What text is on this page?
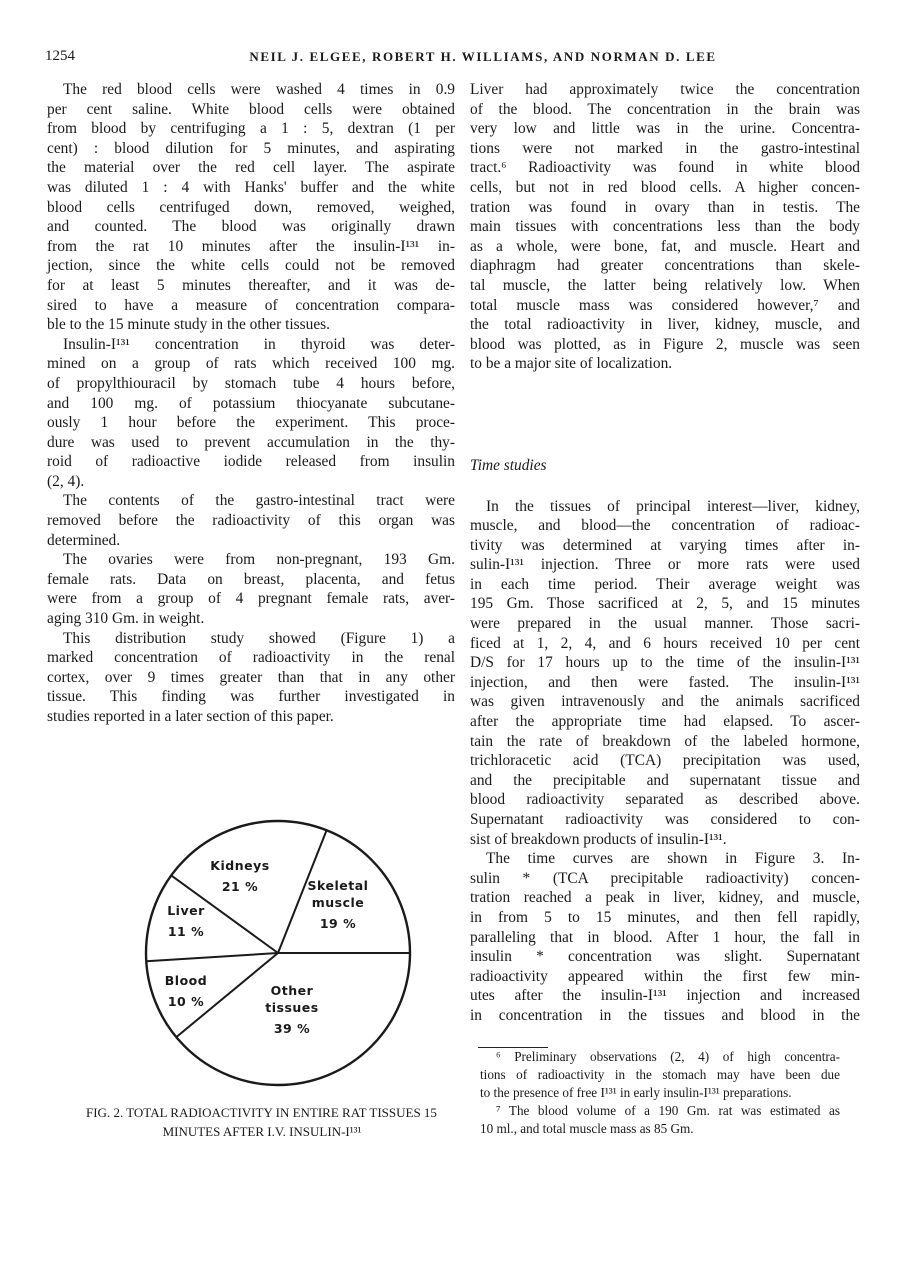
1254	NEIL J. ELGEE, ROBERT H. WILLIAMS, AND NORMAN D. LEE
The red blood cells were washed 4 times in 0.9
per cent saline. White blood cells were obtained
from blood by centrifuging a 1 : 5, dextran (1 per
cent) : blood dilution for 5 minutes, and aspirating
the material over the red cell layer. The aspirate
was diluted 1 : 4 with Hanks' buffer and the white
blood cells centrifuged down, removed, weighed,
and counted. The blood was originally drawn
from the rat 10 minutes after the insulin-I¹³¹ in-
jection, since the white cells could not be removed
for at least 5 minutes thereafter, and it was de-
sired to have a measure of concentration compara-
ble to the 15 minute study in the other tissues.
Insulin-I¹³¹ concentration in thyroid was deter-
mined on a group of rats which received 100 mg.
of propylthiouracil by stomach tube 4 hours before,
and 100 mg. of potassium thiocyanate subcutane-
ously 1 hour before the experiment. This proce-
dure was used to prevent accumulation in the thy-
roid of radioactive iodide released from insulin
(2, 4).
The contents of the gastro-intestinal tract were
removed before the radioactivity of this organ was
determined.
The ovaries were from non-pregnant, 193 Gm.
female rats. Data on breast, placenta, and fetus
were from a group of 4 pregnant female rats, aver-
aging 310 Gm. in weight.
This distribution study showed (Figure 1) a
marked concentration of radioactivity in the renal
cortex, over 9 times greater than that in any other
tissue. This finding was further investigated in
studies reported in a later section of this paper.
Liver had approximately twice the concentration
of the blood. The concentration in the brain was
very low and little was in the urine. Concentra-
tions were not marked in the gastro-intestinal
tract.⁶ Radioactivity was found in white blood
cells, but not in red blood cells. A higher concen-
tration was found in ovary than in testis. The
main tissues with concentrations less than the body
as a whole, were bone, fat, and muscle. Heart and
diaphragm had greater concentrations than skele-
tal muscle, the latter being relatively low. When
total muscle mass was considered however,⁷ and
the total radioactivity in liver, kidney, muscle, and
blood was plotted, as in Figure 2, muscle was seen
to be a major site of localization.
Time studies
In the tissues of principal interest—liver, kidney,
muscle, and blood—the concentration of radioac-
tivity was determined at varying times after in-
sulin-I¹³¹ injection. Three or more rats were used
in each time period. Their average weight was
195 Gm. Those sacrificed at 2, 5, and 15 minutes
were prepared in the usual manner. Those sacri-
ficed at 1, 2, 4, and 6 hours received 10 per cent
D/S for 17 hours up to the time of the insulin-I¹³¹
injection, and then were fasted. The insulin-I¹³¹
was given intravenously and the animals sacrificed
after the appropriate time had elapsed. To ascer-
tain the rate of breakdown of the labeled hormone,
trichloracetic acid (TCA) precipitation was used,
and the precipitable and supernatant tissue and
blood radioactivity separated as described above.
Supernatant radioactivity was considered to con-
sist of breakdown products of insulin-I¹³¹.
The time curves are shown in Figure 3. In-
sulin * (TCA precipitable radioactivity) concen-
tration reached a peak in liver, kidney, and muscle,
in from 5 to 15 minutes, and then fell rapidly,
paralleling that in blood. After 1 hour, the fall in
insulin * concentration was slight. Supernatant
radioactivity appeared within the first few min-
utes after the insulin-I¹³¹ injection and increased
in concentration in the tissues and blood in the
⁶ Preliminary observations (2, 4) of high concentra-
tions of radioactivity in the stomach may have been due
to the presence of free I¹³¹ in early insulin-I¹³¹ preparations.
⁷ The blood volume of a 190 Gm. rat was estimated as
10 ml., and total muscle mass as 85 Gm.
Skeletal
muscle
19 %
Kidneys
21 %
Liver
11 %
Blood
10 %
Other
tissues
39 %
FIG. 2. TOTAL RADIOACTIVITY IN ENTIRE RAT TISSUES 15
MINUTES AFTER I.V. INSULIN-I¹³¹
